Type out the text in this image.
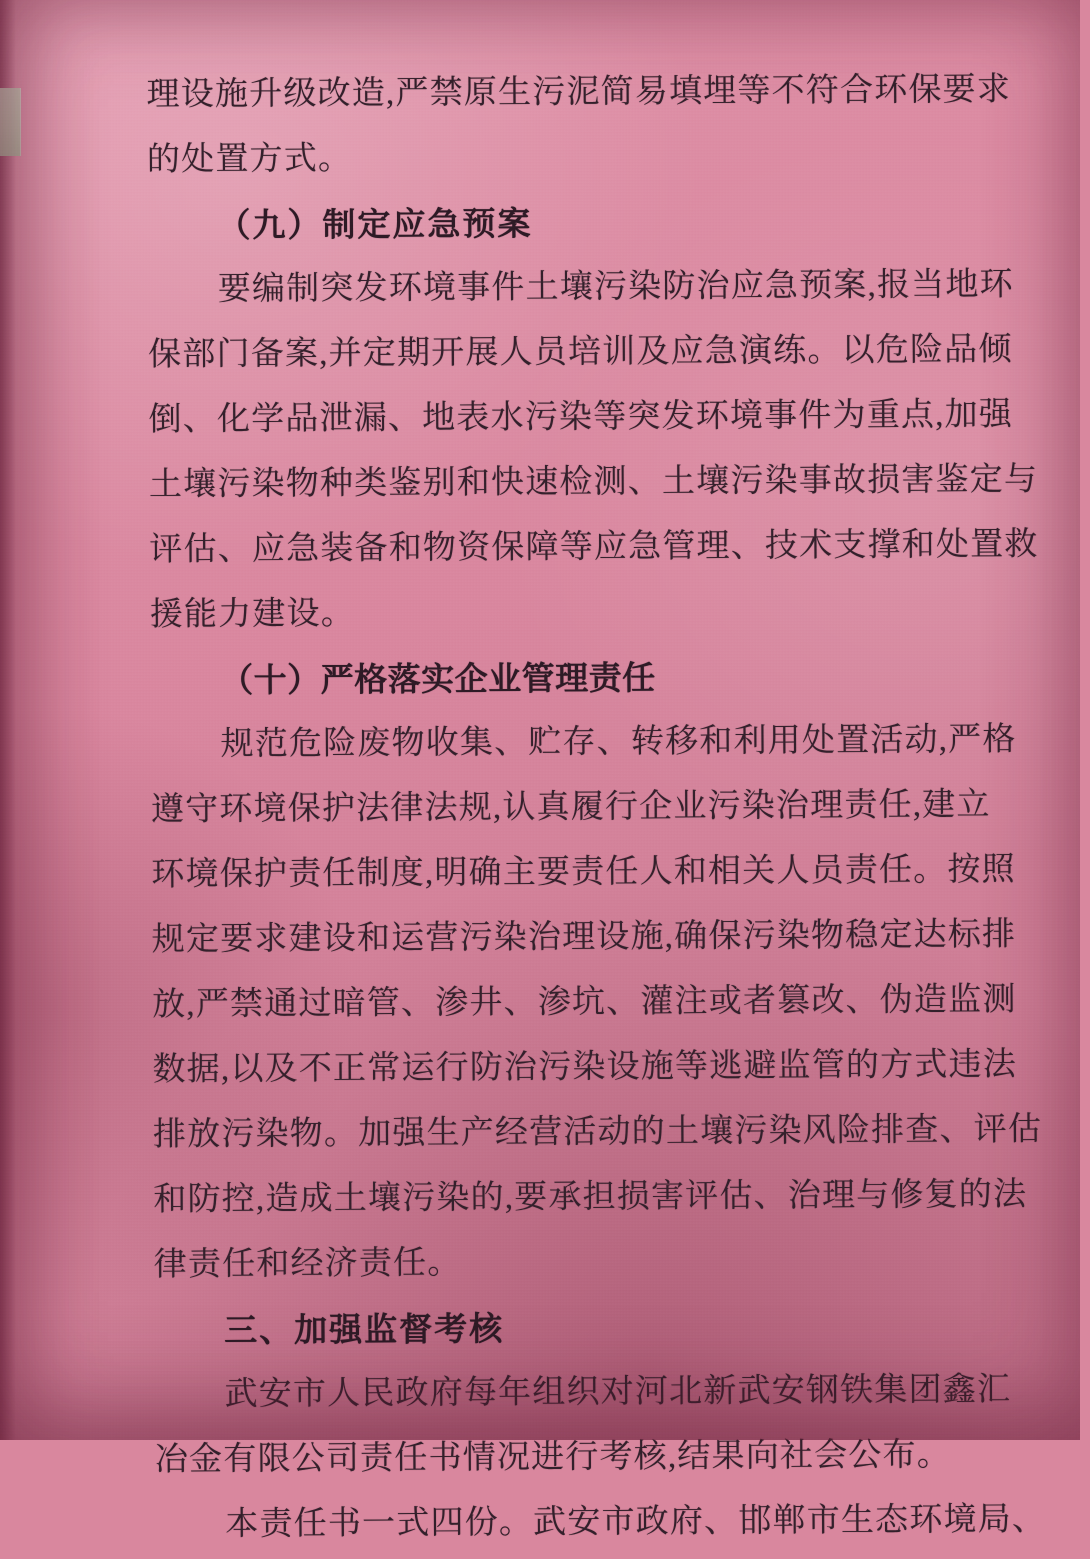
理设施升级改造,严禁原生污泥简易填埋等不符合环保要求
的处置方式。
（九）制定应急预案
要编制突发环境事件土壤污染防治应急预案,报当地环
保部门备案,并定期开展人员培训及应急演练。以危险品倾
倒、化学品泄漏、地表水污染等突发环境事件为重点,加强
土壤污染物种类鉴别和快速检测、土壤污染事故损害鉴定与
评估、应急装备和物资保障等应急管理、技术支撑和处置救
援能力建设。
（十）严格落实企业管理责任
规范危险废物收集、贮存、转移和利用处置活动,严格
遵守环境保护法律法规,认真履行企业污染治理责任,建立
环境保护责任制度,明确主要责任人和相关人员责任。按照
规定要求建设和运营污染治理设施,确保污染物稳定达标排
放,严禁通过暗管、渗井、渗坑、灌注或者篡改、伪造监测
数据,以及不正常运行防治污染设施等逃避监管的方式违法
排放污染物。加强生产经营活动的土壤污染风险排查、评估
和防控,造成土壤污染的,要承担损害评估、治理与修复的法
律责任和经济责任。
三、加强监督考核
武安市人民政府每年组织对河北新武安钢铁集团鑫汇
冶金有限公司责任书情况进行考核,结果向社会公布。
本责任书一式四份。武安市政府、邯郸市生态环境局、
